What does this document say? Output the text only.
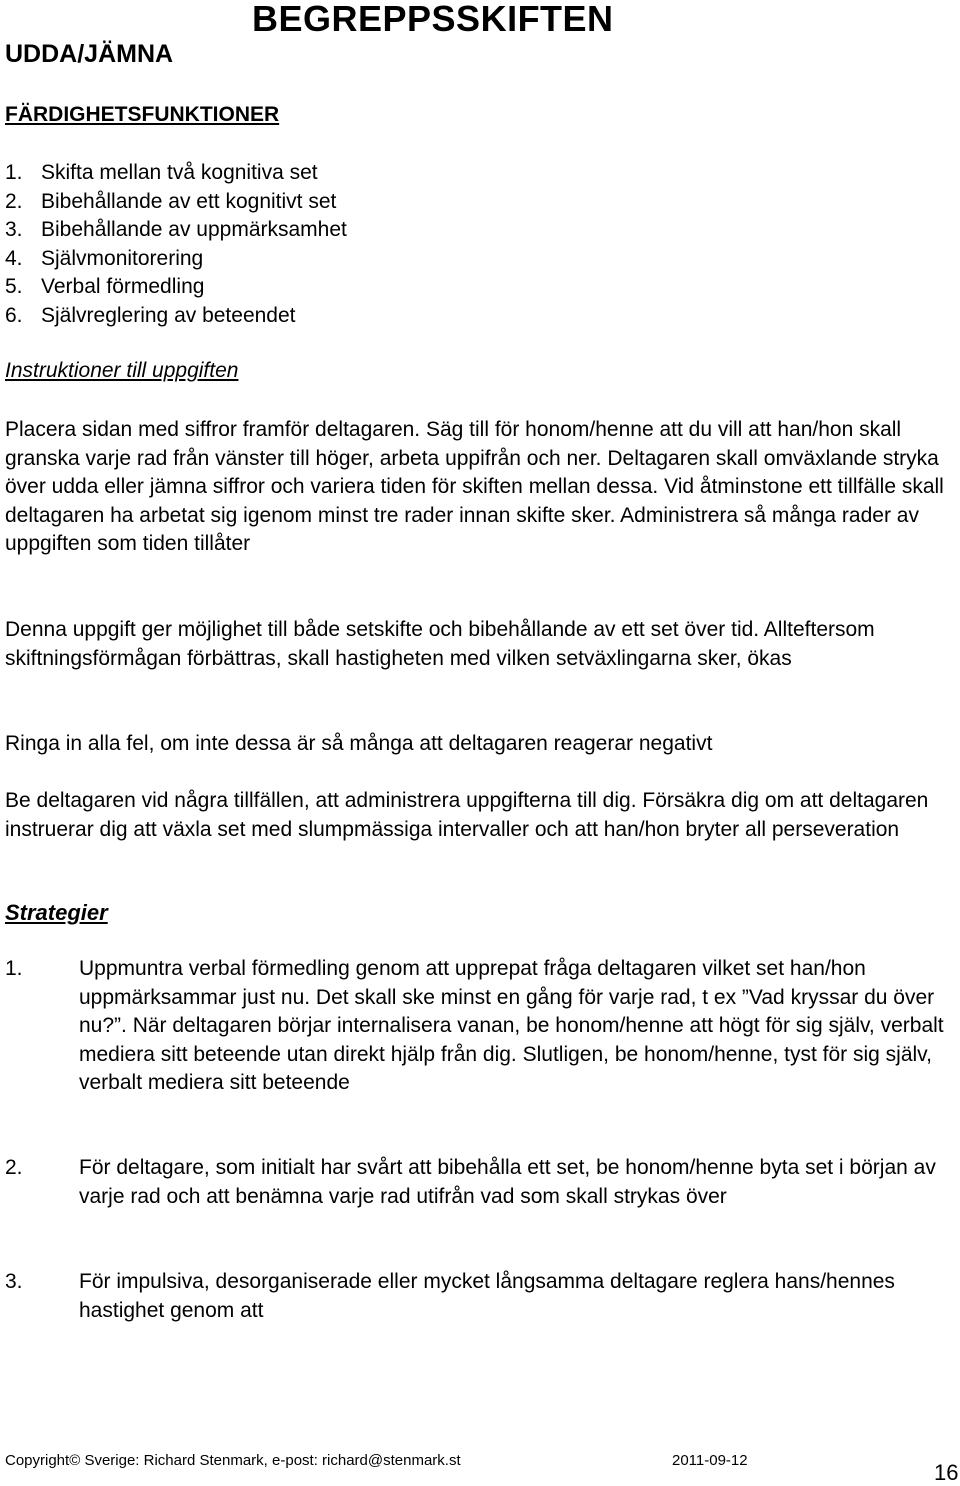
BEGREPPSSKIFTEN
UDDA/JÄMNA
FÄRDIGHETSFUNKTIONER
1. Skifta mellan två kognitiva set
2. Bibehållande av ett kognitivt set
3. Bibehållande av uppmärksamhet
4. Självmonitorering
5. Verbal förmedling
6. Självreglering av beteendet
Instruktioner till uppgiften
Placera sidan med siffror framför deltagaren. Säg till för honom/henne att du vill att han/hon skall granska varje rad från vänster till höger, arbeta uppifrån och ner. Deltagaren skall omväxlande stryka över udda eller jämna siffror och variera tiden för skiften mellan dessa. Vid åtminstone ett tillfälle skall deltagaren ha arbetat sig igenom minst tre rader innan skifte sker. Administrera så många rader av uppgiften som tiden tillåter
Denna uppgift ger möjlighet till både setskifte och bibehållande av ett set över tid. Allteftersom skiftningsförmågan förbättras, skall hastigheten med vilken setväxlingarna sker, ökas
Ringa in alla fel, om inte dessa är så många att deltagaren reagerar negativt
Be deltagaren vid några tillfällen, att administrera uppgifterna till dig. Försäkra dig om att deltagaren instruerar dig att växla set med slumpmässiga intervaller och att han/hon bryter all perseveration
Strategier
1.	Uppmuntra verbal förmedling genom att upprepat fråga deltagaren vilket set han/hon uppmärksammar just nu. Det skall ske minst en gång för varje rad, t ex ”Vad kryssar du över nu?”. När deltagaren börjar internalisera vanan, be honom/henne att högt för sig själv, verbalt mediera sitt beteende utan direkt hjälp från dig. Slutligen, be honom/henne, tyst för sig själv, verbalt mediera sitt beteende
2.	För deltagare, som initialt har svårt att bibehålla ett set, be honom/henne byta set i början av varje rad och att benämna varje rad utifrån vad som skall strykas över
3.	För impulsiva, desorganiserade eller mycket långsamma deltagare reglera hans/hennes hastighet genom att
Copyright© Sverige: Richard Stenmark, e-post: richard@stenmark.st	2011-09-12	16
